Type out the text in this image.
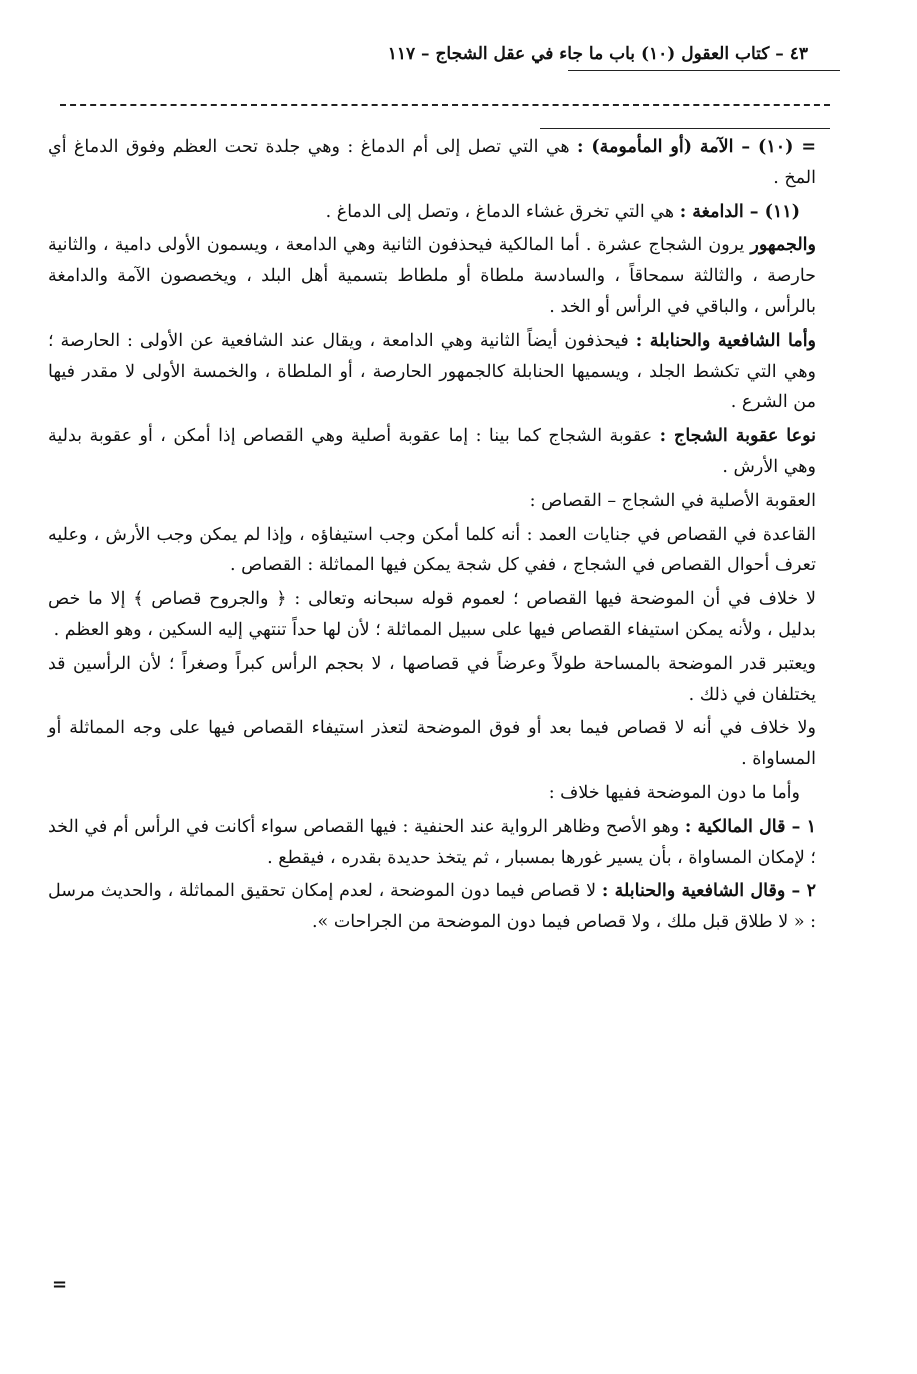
٤٣ – كتاب العقول (١٠) باب ما جاء في عقل الشجاج – ١١٧

= (١٠) – الآمة (أو المأمومة) : هي التي تصل إلى أم الدماغ : وهي جلدة تحت العظم وفوق الدماغ أي المخ .

(١١) – الدامغة : هي التي تخرق غشاء الدماغ ، وتصل إلى الدماغ .

والجمهور يرون الشجاج عشرة . أما المالكية فيحذفون الثانية وهي الدامعة ، ويسمون الأولى دامية ، والثانية حارصة ، والثالثة سمحاقاً ، والسادسة ملطاة أو ملطاط بتسمية أهل البلد ، ويخصصون الآمة والدامغة بالرأس ، والباقي في الرأس أو الخد .

وأما الشافعية والحنابلة : فيحذفون أيضاً الثانية وهي الدامعة ، ويقال عند الشافعية عن الأولى : الحارصة ؛ وهي التي تكشط الجلد ، ويسميها الحنابلة كالجمهور الحارصة ، أو الملطاة ، والخمسة الأولى لا مقدر فيها من الشرع .

نوعا عقوبة الشجاج : عقوبة الشجاج كما بينا : إما عقوبة أصلية وهي القصاص إذا أمكن ، أو عقوبة بدلية وهي الأرش .

العقوبة الأصلية في الشجاج – القصاص :

القاعدة في القصاص في جنايات العمد : أنه كلما أمكن وجب استيفاؤه ، وإذا لم يمكن وجب الأرش ، وعليه تعرف أحوال القصاص في الشجاج ، ففي كل شجة يمكن فيها المماثلة : القصاص .

لا خلاف في أن الموضحة فيها القصاص ؛ لعموم قوله سبحانه وتعالى : ﴿ والجروح قصاص ﴾ إلا ما خص بدليل ، ولأنه يمكن استيفاء القصاص فيها على سبيل المماثلة ؛ لأن لها حداً تنتهي إليه السكين ، وهو العظم .

ويعتبر قدر الموضحة بالمساحة طولاً وعرضاً في قصاصها ، لا بحجم الرأس كبراً وصغراً ؛ لأن الرأسين قد يختلفان في ذلك .

ولا خلاف في أنه لا قصاص فيما بعد أو فوق الموضحة لتعذر استيفاء القصاص فيها على وجه المماثلة أو المساواة .

وأما ما دون الموضحة ففيها خلاف :

١ – قال المالكية : وهو الأصح وظاهر الرواية عند الحنفية : فيها القصاص سواء أكانت في الرأس أم في الخد ؛ لإمكان المساواة ، بأن يسير غورها بمسبار ، ثم يتخذ حديدة بقدره ، فيقطع .

٢ – وقال الشافعية والحنابلة : لا قصاص فيما دون الموضحة ، لعدم إمكان تحقيق المماثلة ، والحديث مرسل : « لا طلاق قبل ملك ، ولا قصاص فيما دون الموضحة من الجراحات ».

=
